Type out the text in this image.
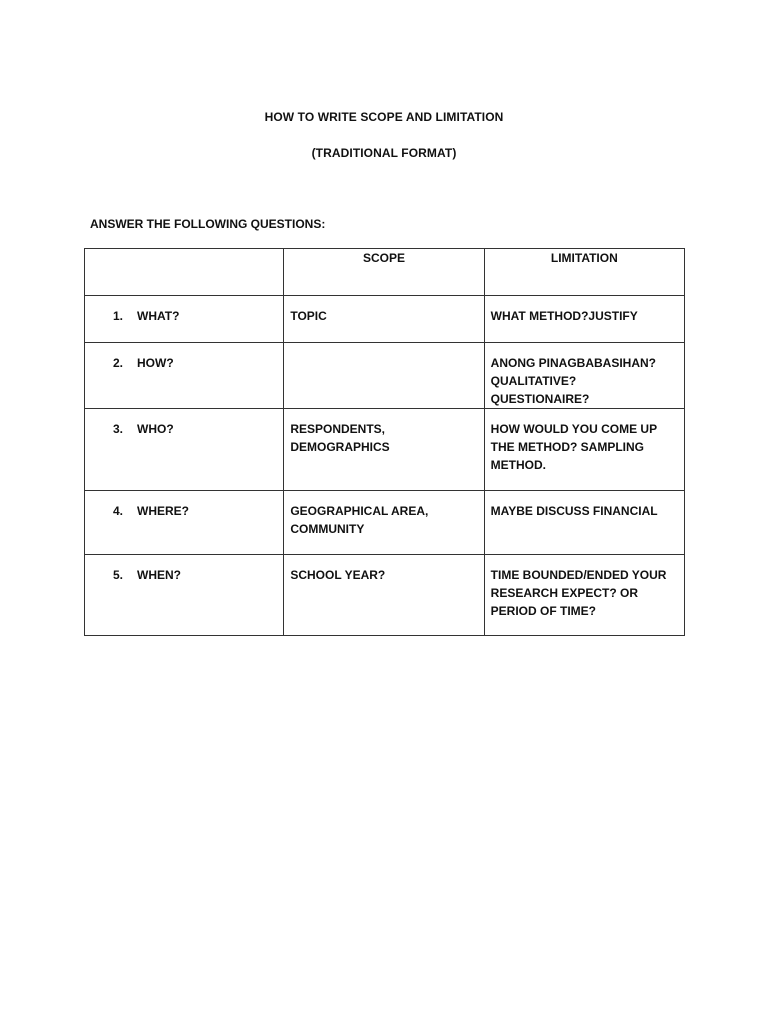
HOW TO WRITE SCOPE AND LIMITATION
(TRADITIONAL FORMAT)
ANSWER THE FOLLOWING QUESTIONS:
	SCOPE	LIMITATION

1. WHAT?	TOPIC	WHAT METHOD?JUSTIFY

2. HOW?		ANONG PINAGBABASIHAN? QUALITATIVE? QUESTIONAIRE?

3. WHO?	RESPONDENTS, DEMOGRAPHICS	HOW WOULD YOU COME UP THE METHOD? SAMPLING METHOD.

4. WHERE?	GEOGRAPHICAL AREA, COMMUNITY	MAYBE DISCUSS FINANCIAL

5. WHEN?	SCHOOL YEAR?	TIME BOUNDED/ENDED YOUR RESEARCH EXPECT? OR PERIOD OF TIME?
